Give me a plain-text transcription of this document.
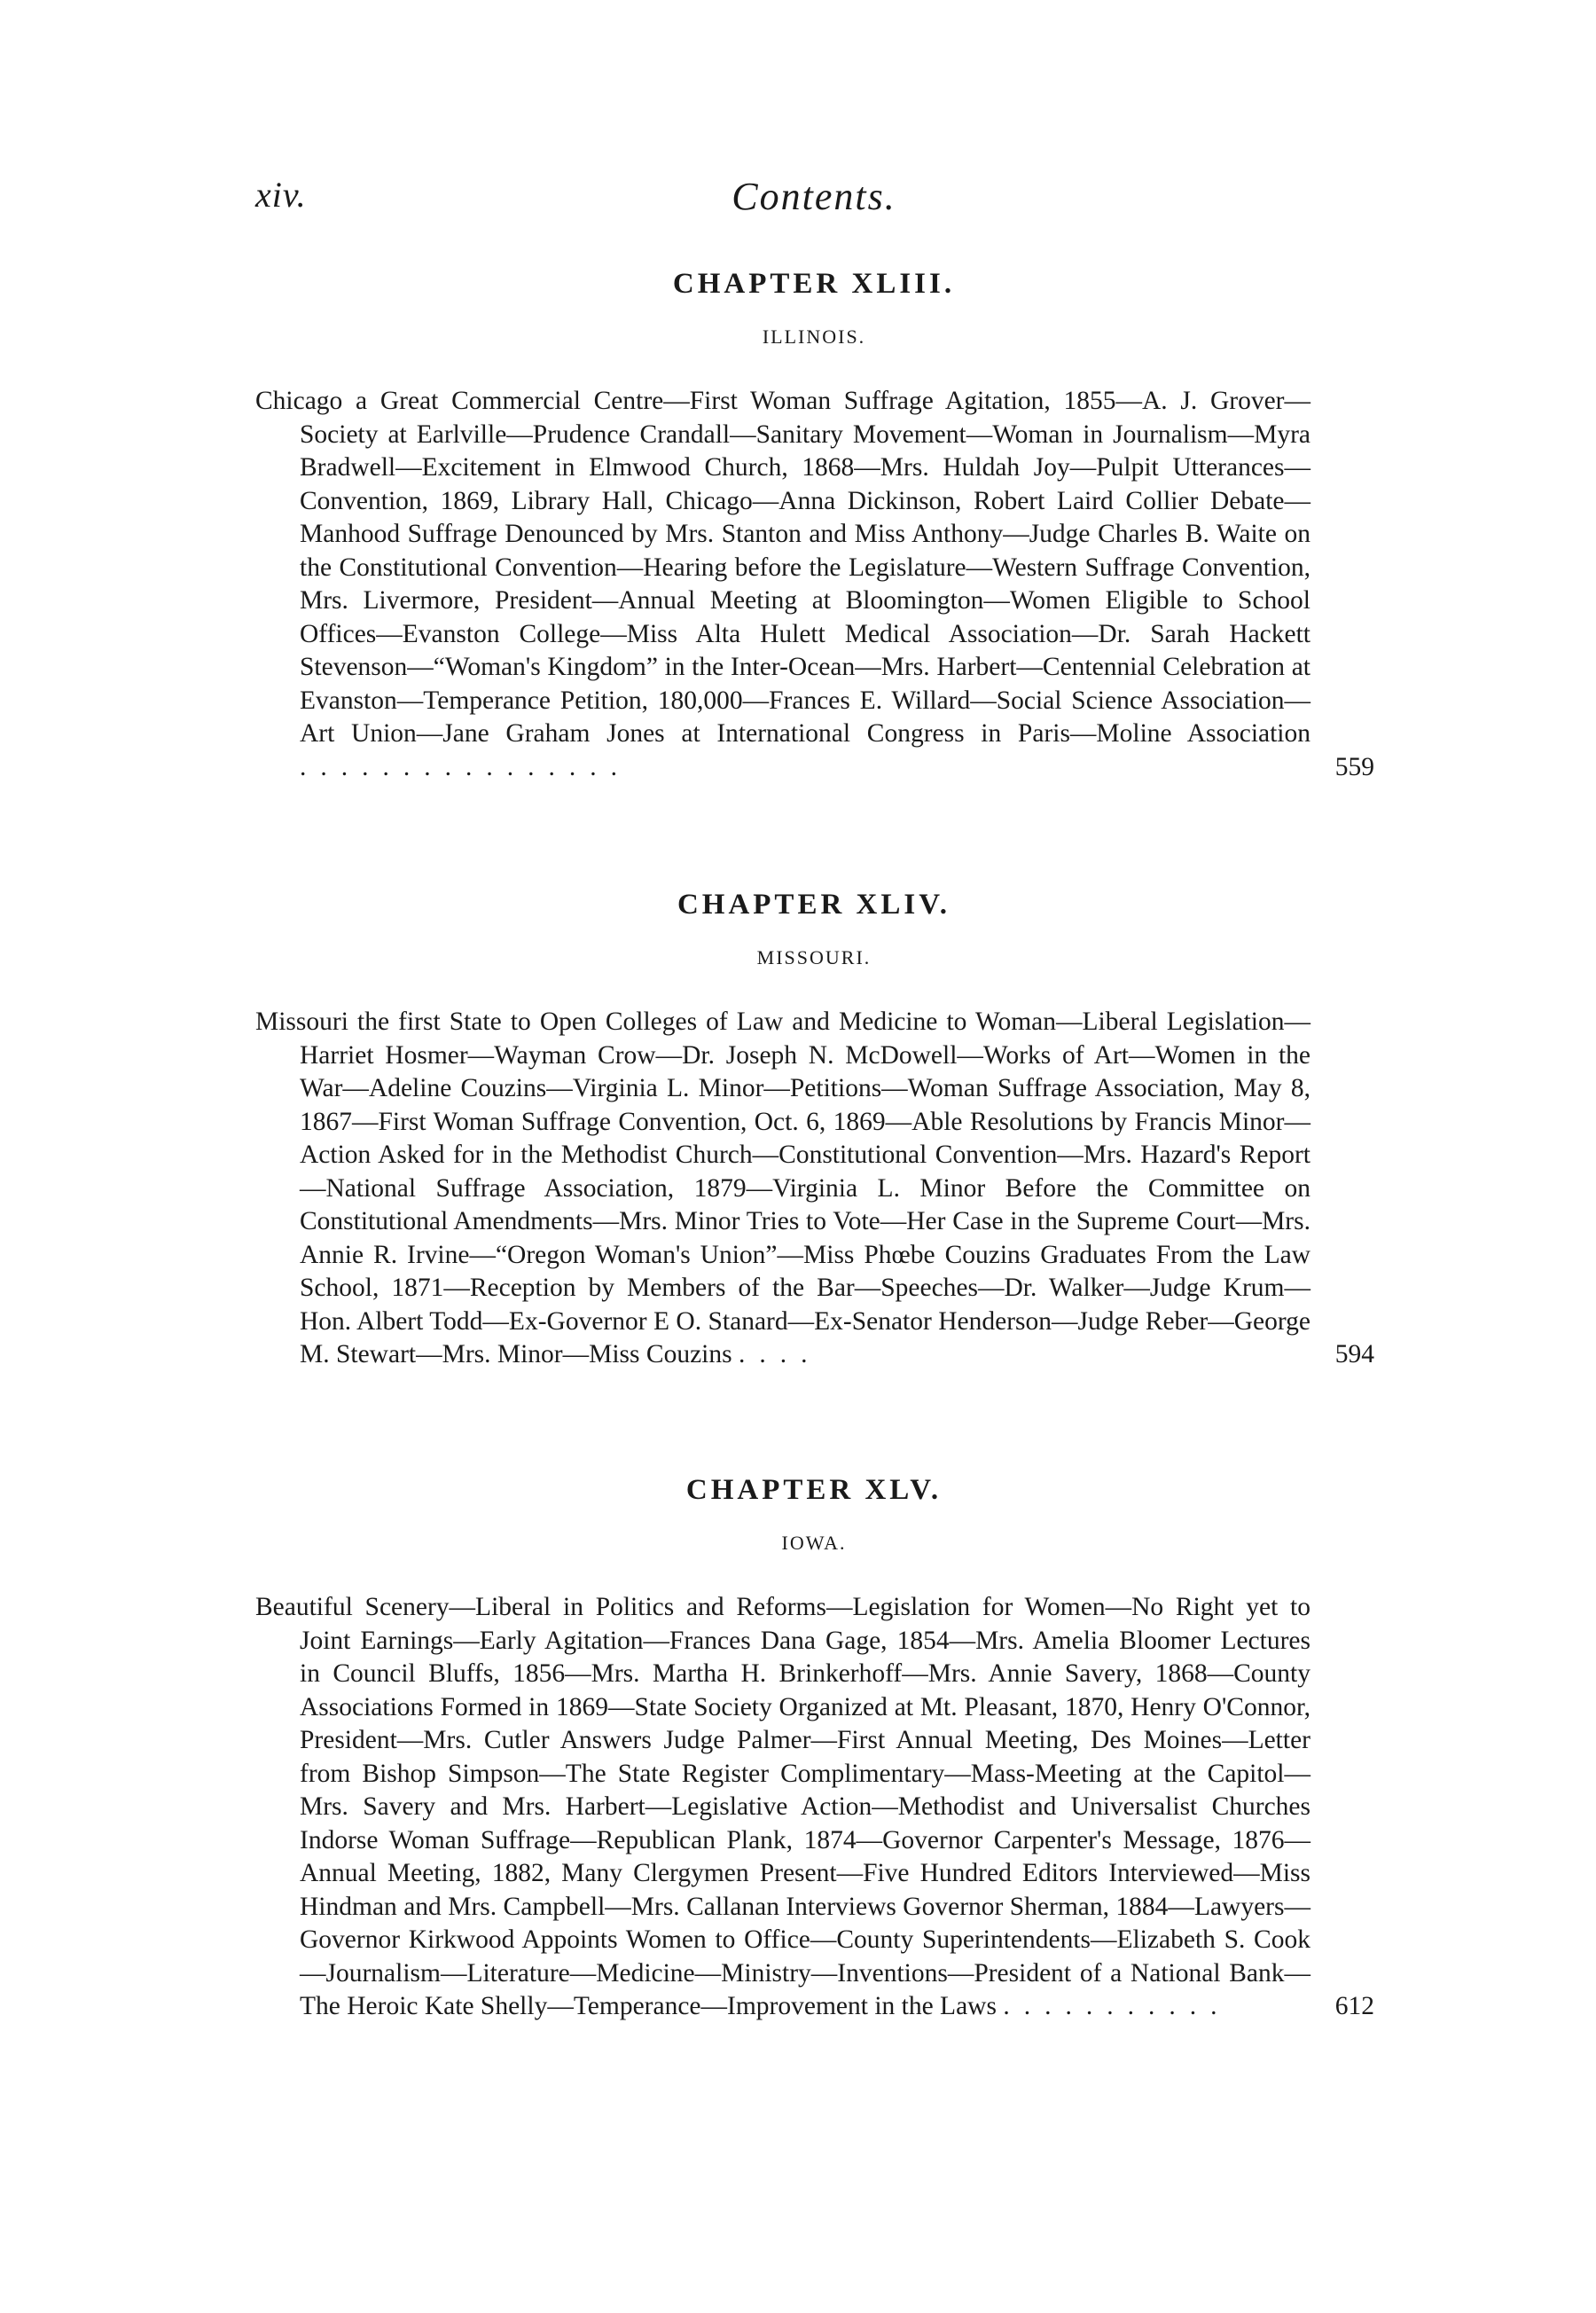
xiv.	Contents.
CHAPTER XLIII.
ILLINOIS.

Chicago a Great Commercial Centre—First Woman Suffrage Agitation, 1855—A. J. Grover—Society at Earlville—Prudence Crandall—Sanitary Movement—Woman in Journalism—Myra Bradwell—Excitement in Elmwood Church, 1868—Mrs. Huldah Joy—Pulpit Utterances—Convention, 1869, Library Hall, Chicago—Anna Dickinson, Robert Laird Collier Debate—Manhood Suffrage Denounced by Mrs. Stanton and Miss Anthony—Judge Charles B. Waite on the Constitutional Convention—Hearing before the Legislature—Western Suffrage Convention, Mrs. Livermore, President—Annual Meeting at Bloomington—Women Eligible to School Offices—Evanston College—Miss Alta Hulett Medical Association—Dr. Sarah Hackett Stevenson—“Woman's Kingdom” in the Inter-Ocean—Mrs. Harbert—Centennial Celebration at Evanston—Temperance Petition, 180,000—Frances E. Willard—Social Science Association—Art Union—Jane Graham Jones at International Congress in Paris—Moline Association ................	559
CHAPTER XLIV.
MISSOURI.

Missouri the first State to Open Colleges of Law and Medicine to Woman—Liberal Legislation—Harriet Hosmer—Wayman Crow—Dr. Joseph N. McDowell—Works of Art—Women in the War—Adeline Couzins—Virginia L. Minor—Petitions—Woman Suffrage Association, May 8, 1867—First Woman Suffrage Convention, Oct. 6, 1869—Able Resolutions by Francis Minor—Action Asked for in the Methodist Church—Constitutional Convention—Mrs. Hazard's Report—National Suffrage Association, 1879—Virginia L. Minor Before the Committee on Constitutional Amendments—Mrs. Minor Tries to Vote—Her Case in the Supreme Court—Mrs. Annie R. Irvine—“Oregon Woman's Union”—Miss Phœbe Couzins Graduates From the Law School, 1871—Reception by Members of the Bar—Speeches—Dr. Walker—Judge Krum—Hon. Albert Todd—Ex-Governor E O. Stanard—Ex-Senator Henderson—Judge Reber—George M. Stewart—Mrs. Minor—Miss Couzins ....	594
CHAPTER XLV.
IOWA.

Beautiful Scenery—Liberal in Politics and Reforms—Legislation for Women—No Right yet to Joint Earnings—Early Agitation—Frances Dana Gage, 1854—Mrs. Amelia Bloomer Lectures in Council Bluffs, 1856—Mrs. Martha H. Brinkerhoff—Mrs. Annie Savery, 1868—County Associations Formed in 1869—State Society Organized at Mt. Pleasant, 1870, Henry O'Connor, President—Mrs. Cutler Answers Judge Palmer—First Annual Meeting, Des Moines—Letter from Bishop Simpson—The State Register Complimentary—Mass-Meeting at the Capitol—Mrs. Savery and Mrs. Harbert—Legislative Action—Methodist and Universalist Churches Indorse Woman Suffrage—Republican Plank, 1874—Governor Carpenter's Message, 1876—Annual Meeting, 1882, Many Clergymen Present—Five Hundred Editors Interviewed—Miss Hindman and Mrs. Campbell—Mrs. Callanan Interviews Governor Sherman, 1884—Lawyers—Governor Kirkwood Appoints Women to Office—County Superintendents—Elizabeth S. Cook—Journalism—Literature—Medicine—Ministry—Inventions—President of a National Bank—The Heroic Kate Shelly—Temperance—Improvement in the Laws ...........	612
